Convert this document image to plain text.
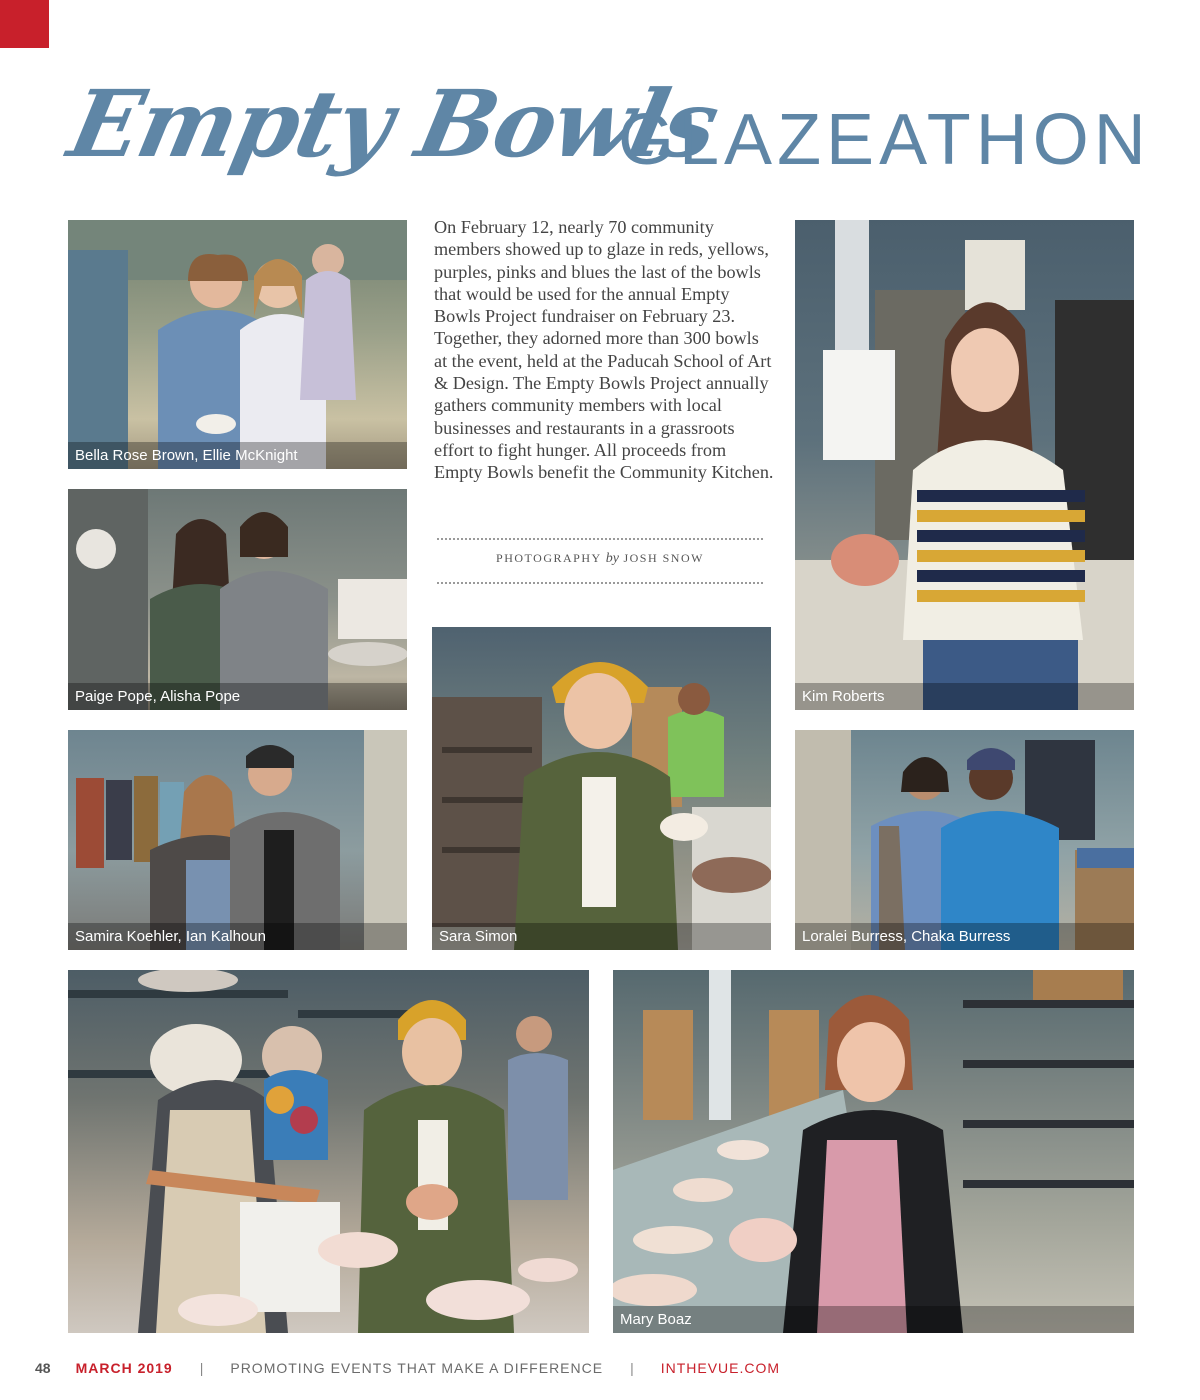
Empty Bowls
GLAZEATHON
Bella Rose Brown, Ellie McKnight
Paige Pope, Alisha Pope

On February 12, nearly 70 community members showed up to glaze in reds, yellows, purples, pinks and blues the last of the bowls that would be used for the annual Empty Bowls Project fundraiser on February 23. Together, they adorned more than 300 bowls at the event, held at the Paducah School of Art & Design. The Empty Bowls Project annually gathers community members with local businesses and restaurants in a grassroots effort to fight hunger. All proceeds from Empty Bowls benefit the Community Kitchen.

PHOTOGRAPHY by JOSH SNOW
Kim Roberts
Samira Koehler, Ian Kalhoun	Sara Simon	Loralei Burress, Chaka Burress
Mary Boaz
48 MARCH 2019 | PROMOTING EVENTS THAT MAKE A DIFFERENCE | INTHEVUE.COM
